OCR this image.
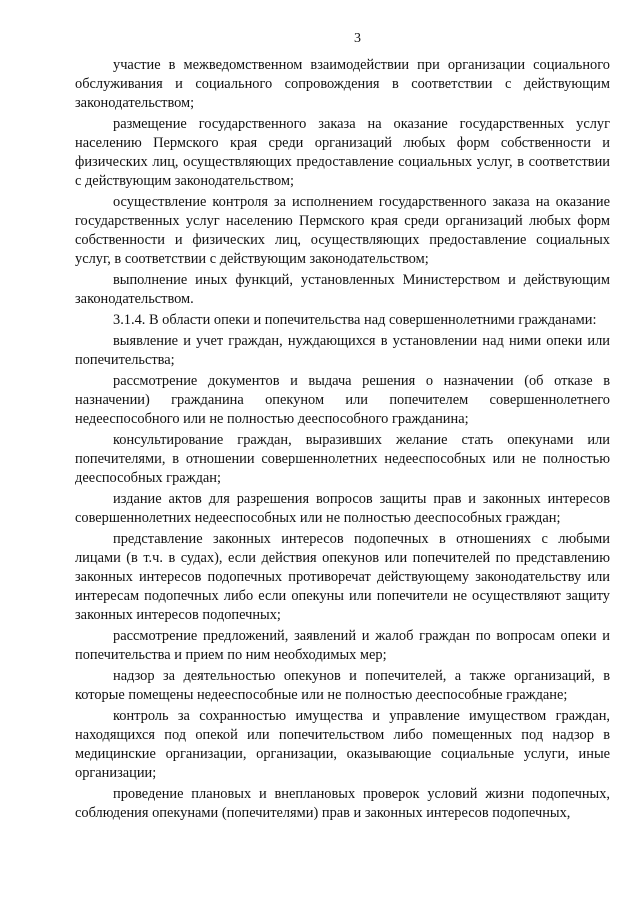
3

участие в межведомственном взаимодействии при организации социального обслуживания и социального сопровождения в соответствии с действующим законодательством;

размещение государственного заказа на оказание государственных услуг населению Пермского края среди организаций любых форм собственности и физических лиц, осуществляющих предоставление социальных услуг, в соответствии с действующим законодательством;

осуществление контроля за исполнением государственного заказа на оказание государственных услуг населению Пермского края среди организаций любых форм собственности и физических лиц, осуществляющих предоставление социальных услуг, в соответствии с действующим законодательством;

выполнение иных функций, установленных Министерством и действующим законодательством.

3.1.4. В области опеки и попечительства над совершеннолетними гражданами:

выявление и учет граждан, нуждающихся в установлении над ними опеки или попечительства;

рассмотрение документов и выдача решения о назначении (об отказе в назначении) гражданина опекуном или попечителем совершеннолетнего недееспособного или не полностью дееспособного гражданина;

консультирование граждан, выразивших желание стать опекунами или попечителями, в отношении совершеннолетних недееспособных или не полностью дееспособных граждан;

издание актов для разрешения вопросов защиты прав и законных интересов совершеннолетних недееспособных или не полностью дееспособных граждан;

представление законных интересов подопечных в отношениях с любыми лицами (в т.ч. в судах), если действия опекунов или попечителей по представлению законных интересов подопечных противоречат действующему законодательству или интересам подопечных либо если опекуны или попечители не осуществляют защиту законных интересов подопечных;

рассмотрение предложений, заявлений и жалоб граждан по вопросам опеки и попечительства и прием по ним необходимых мер;

надзор за деятельностью опекунов и попечителей, а также организаций, в которые помещены недееспособные или не полностью дееспособные граждане;

контроль за сохранностью имущества и управление имуществом граждан, находящихся под опекой или попечительством либо помещенных под надзор в медицинские организации, организации, оказывающие социальные услуги, иные организации;

проведение плановых и внеплановых проверок условий жизни подопечных, соблюдения опекунами (попечителями) прав и законных интересов подопечных,
